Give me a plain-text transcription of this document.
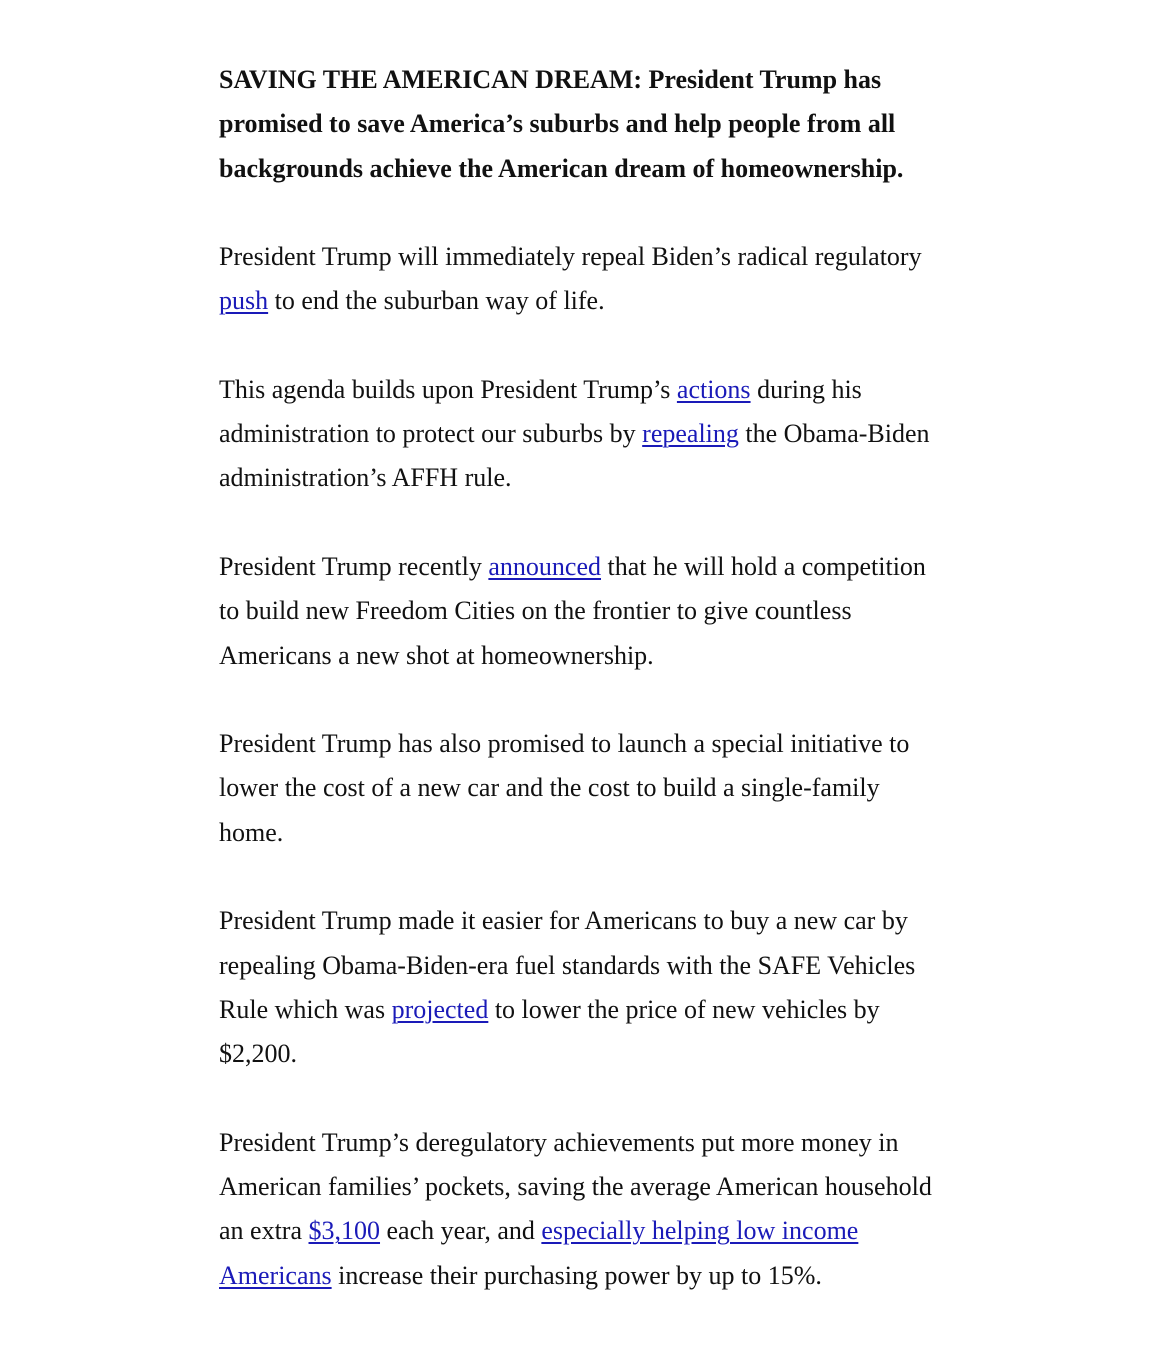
SAVING THE AMERICAN DREAM: President Trump has promised to save America’s suburbs and help people from all backgrounds achieve the American dream of homeownership.

President Trump will immediately repeal Biden’s radical regulatory push to end the suburban way of life.

This agenda builds upon President Trump’s actions during his administration to protect our suburbs by repealing the Obama-Biden administration’s AFFH rule.

President Trump recently announced that he will hold a competition to build new Freedom Cities on the frontier to give countless Americans a new shot at homeownership.

President Trump has also promised to launch a special initiative to lower the cost of a new car and the cost to build a single-family home.

President Trump made it easier for Americans to buy a new car by repealing Obama-Biden-era fuel standards with the SAFE Vehicles Rule which was projected to lower the price of new vehicles by $2,200.

President Trump’s deregulatory achievements put more money in American families’ pockets, saving the average American household an extra $3,100 each year, and especially helping low income Americans increase their purchasing power by up to 15%.
